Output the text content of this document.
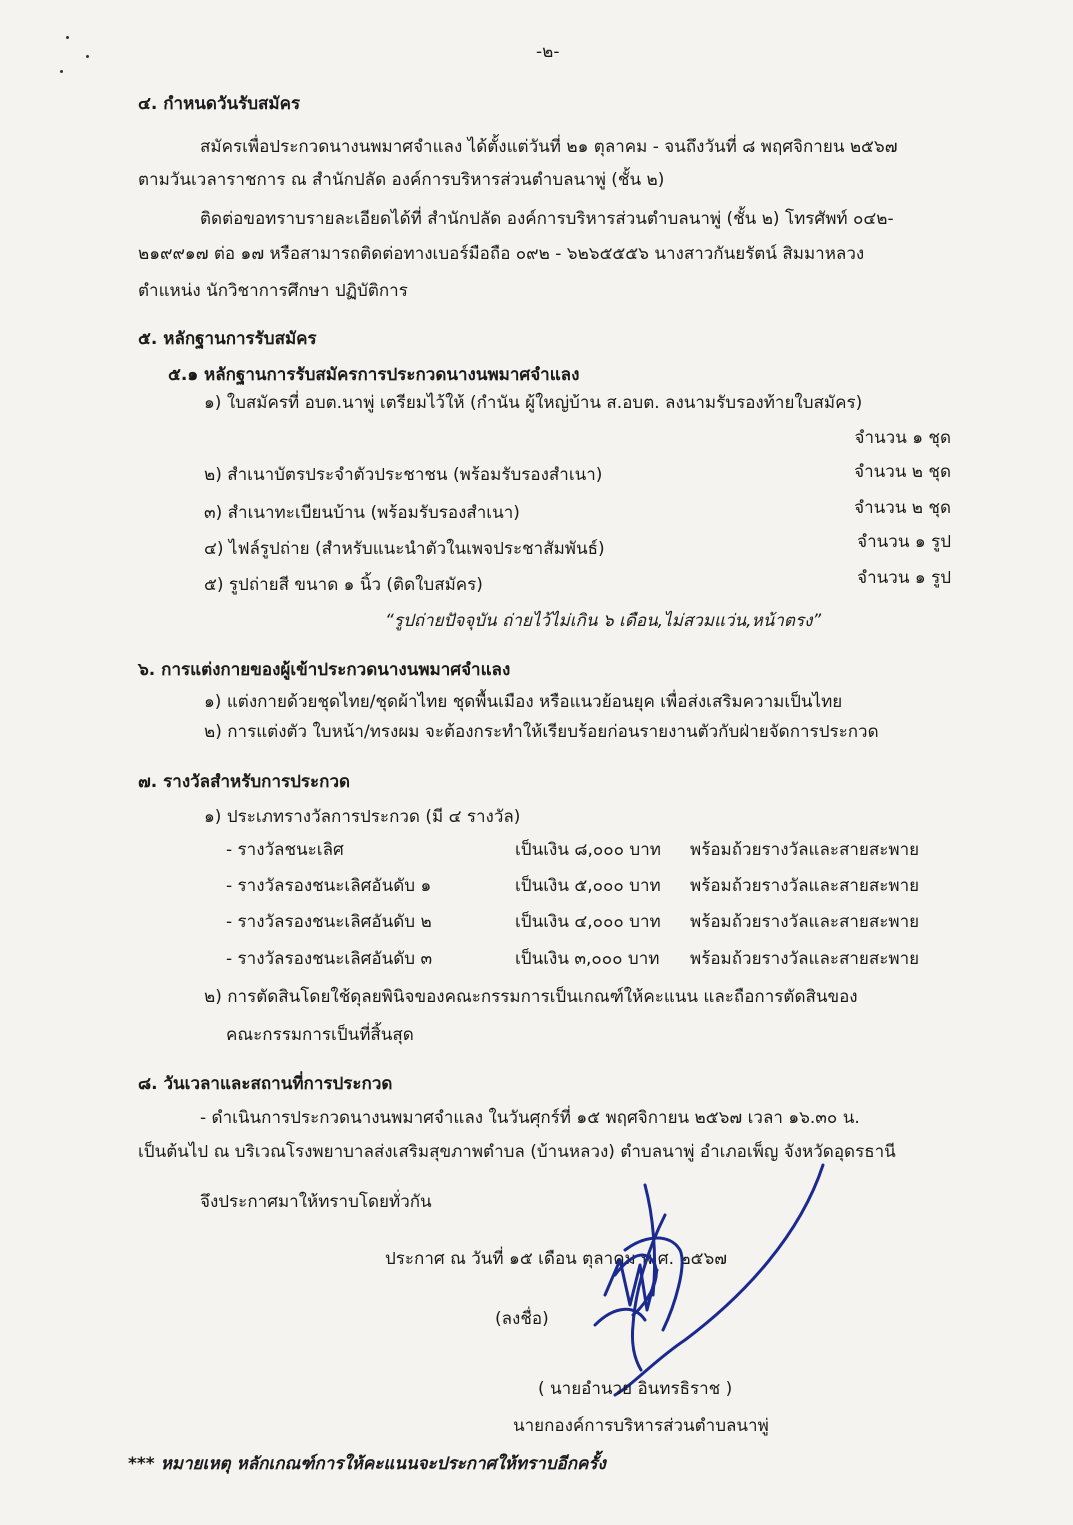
-๒-
๔. กำหนดวันรับสมัคร
สมัครเพื่อประกวดนางนพมาศจำแลง ได้ตั้งแต่วันที่ ๒๑ ตุลาคม - จนถึงวันที่ ๘ พฤศจิกายน ๒๕๖๗
ตามวันเวลาราชการ ณ สำนักปลัด องค์การบริหารส่วนตำบลนาพู่ (ชั้น ๒)
ติดต่อขอทราบรายละเอียดได้ที่ สำนักปลัด องค์การบริหารส่วนตำบลนาพู่ (ชั้น ๒) โทรศัพท์ ๐๔๒-
๒๑๙๙๑๗ ต่อ ๑๗ หรือสามารถติดต่อทางเบอร์มือถือ ๐๙๒ - ๖๒๖๕๕๕๖ นางสาวกันยรัตน์ สิมมาหลวง
ตำแหน่ง นักวิชาการศึกษา ปฏิบัติการ
๕. หลักฐานการรับสมัคร
๕.๑ หลักฐานการรับสมัครการประกวดนางนพมาศจำแลง
๑) ใบสมัครที่ อบต.นาพู่ เตรียมไว้ให้ (กำนัน ผู้ใหญ่บ้าน ส.อบต. ลงนามรับรองท้ายใบสมัคร)
จำนวน ๑ ชุด
๒) สำเนาบัตรประจำตัวประชาชน (พร้อมรับรองสำเนา)	จำนวน ๒ ชุด
๓) สำเนาทะเบียนบ้าน (พร้อมรับรองสำเนา)	จำนวน ๒ ชุด
๔) ไฟล์รูปถ่าย (สำหรับแนะนำตัวในเพจประชาสัมพันธ์)	จำนวน ๑ รูป
๕) รูปถ่ายสี ขนาด ๑ นิ้ว (ติดใบสมัคร)	จำนวน ๑ รูป
“รูปถ่ายปัจจุบัน ถ่ายไว้ไม่เกิน ๖ เดือน,ไม่สวมแว่น,หน้าตรง”
๖. การแต่งกายของผู้เข้าประกวดนางนพมาศจำแลง
๑) แต่งกายด้วยชุดไทย/ชุดผ้าไทย ชุดพื้นเมือง หรือแนวย้อนยุค เพื่อส่งเสริมความเป็นไทย
๒) การแต่งตัว ใบหน้า/ทรงผม จะต้องกระทำให้เรียบร้อยก่อนรายงานตัวกับฝ่ายจัดการประกวด
๗. รางวัลสำหรับการประกวด
๑) ประเภทรางวัลการประกวด (มี ๔ รางวัล)
- รางวัลชนะเลิศ	เป็นเงิน ๘,๐๐๐ บาท พร้อมถ้วยรางวัลและสายสะพาย
- รางวัลรองชนะเลิศอันดับ ๑	เป็นเงิน ๕,๐๐๐ บาท พร้อมถ้วยรางวัลและสายสะพาย
- รางวัลรองชนะเลิศอันดับ ๒	เป็นเงิน ๔,๐๐๐ บาท พร้อมถ้วยรางวัลและสายสะพาย
- รางวัลรองชนะเลิศอันดับ ๓	เป็นเงิน ๓,๐๐๐ บาท พร้อมถ้วยรางวัลและสายสะพาย
๒) การตัดสินโดยใช้ดุลยพินิจของคณะกรรมการเป็นเกณฑ์ให้คะแนน และถือการตัดสินของ
คณะกรรมการเป็นที่สิ้นสุด
๘. วันเวลาและสถานที่การประกวด
- ดำเนินการประกวดนางนพมาศจำแลง ในวันศุกร์ที่ ๑๕ พฤศจิกายน ๒๕๖๗ เวลา ๑๖.๓๐ น.
เป็นต้นไป ณ บริเวณโรงพยาบาลส่งเสริมสุขภาพตำบล (บ้านหลวง) ตำบลนาพู่ อำเภอเพ็ญ จังหวัดอุดรธานี
จึงประกาศมาให้ทราบโดยทั่วกัน
ประกาศ ณ วันที่ ๑๕ เดือน ตุลาคม พ.ศ. ๒๕๖๗
(ลงชื่อ)
( นายอำนวย อินทรธิราช )
นายกองค์การบริหารส่วนตำบลนาพู่
*** หมายเหตุ หลักเกณฑ์การให้คะแนนจะประกาศให้ทราบอีกครั้ง
